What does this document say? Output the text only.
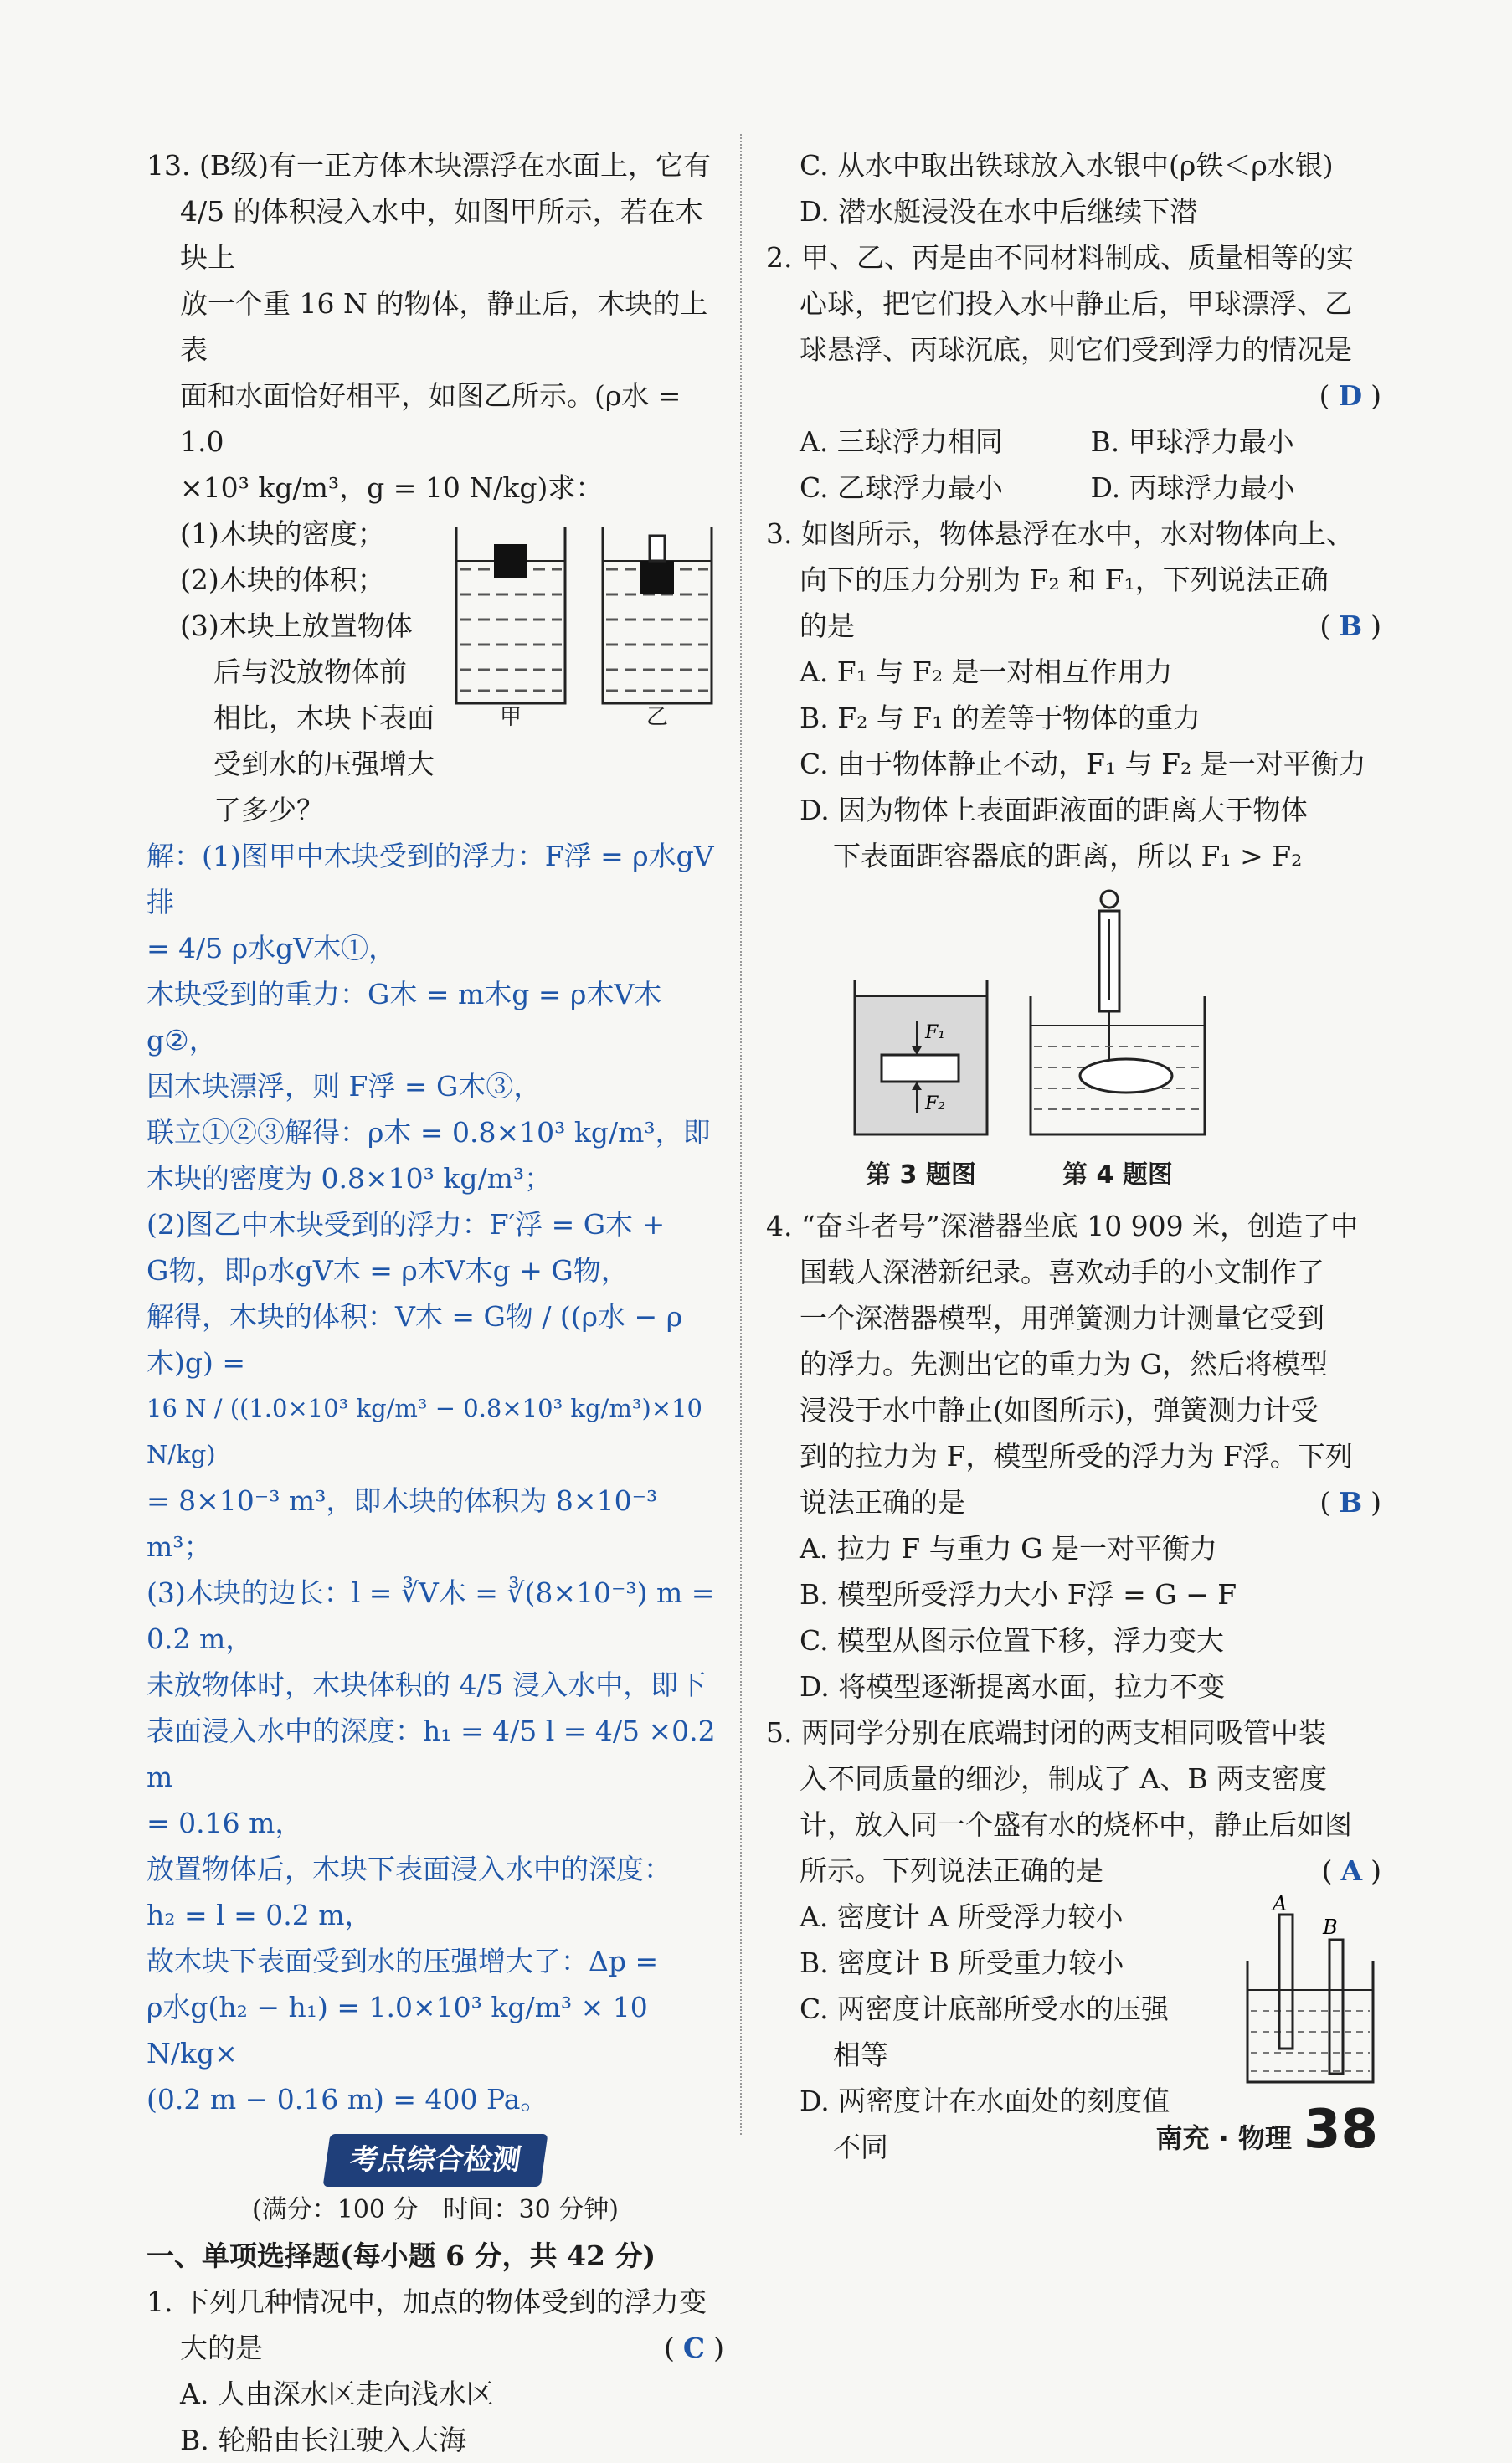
13. (B级)有一正方体木块漂浮在水面上，它有

4/5 的体积浸入水中，如图甲所示，若在木块上

放一个重 16 N 的物体，静止后，木块的上表

面和水面恰好相平，如图乙所示。(ρ水 = 1.0

×10³ kg/m³，g = 10 N/kg)求：

(1)木块的密度；

(2)木块的体积；

(3)木块上放置物体

后与没放物体前

相比，木块下表面

受到水的压强增大了多少？

甲	乙

解：(1)图甲中木块受到的浮力：F浮 = ρ水gV排

= 4/5 ρ水gV木①，

木块受到的重力：G木 = m木g = ρ木V木g②，

因木块漂浮，则 F浮 = G木③，

联立①②③解得：ρ木 = 0.8×10³ kg/m³，即

木块的密度为 0.8×10³ kg/m³；

(2)图乙中木块受到的浮力：F′浮 = G木 +

G物，即ρ水gV木 = ρ木V木g + G物，

解得，木块的体积：V木 = G物 / ((ρ水 − ρ木)g) =

16 N / ((1.0×10³ kg/m³ − 0.8×10³ kg/m³)×10 N/kg)

= 8×10⁻³ m³，即木块的体积为 8×10⁻³ m³；

(3)木块的边长：l = ∛V木 = ∛(8×10⁻³) m =

0.2 m，

未放物体时，木块体积的 4/5 浸入水中，即下

表面浸入水中的深度：h₁ = 4/5 l = 4/5 ×0.2 m

= 0.16 m，

放置物体后，木块下表面浸入水中的深度：

h₂ = l = 0.2 m，

故木块下表面受到水的压强增大了：Δp =

ρ水g(h₂ − h₁) = 1.0×10³ kg/m³ × 10 N/kg×

(0.2 m − 0.16 m) = 400 Pa。

考点综合检测

(满分：100 分　时间：30 分钟)

一、单项选择题(每小题 6 分，共 42 分)

1. 下列几种情况中，加点的物体受到的浮力变

大的是	( C )

A. 人由深水区走向浅水区

B. 轮船由长江驶入大海

C. 从水中取出铁球放入水银中(ρ铁＜ρ水银)

D. 潜水艇浸没在水中后继续下潜

2. 甲、乙、丙是由不同材料制成、质量相等的实

心球，把它们投入水中静止后，甲球漂浮、乙

球悬浮、丙球沉底，则它们受到浮力的情况是

( D )

A. 三球浮力相同	B. 甲球浮力最小
C. 乙球浮力最小	D. 丙球浮力最小

3. 如图所示，物体悬浮在水中，水对物体向上、

向下的压力分别为 F₂ 和 F₁，下列说法正确

的是	( B )

A. F₁ 与 F₂ 是一对相互作用力

B. F₂ 与 F₁ 的差等于物体的重力

C. 由于物体静止不动，F₁ 与 F₂ 是一对平衡力

D. 因为物体上表面距液面的距离大于物体

下表面距容器底的距离，所以 F₁ > F₂

F₁
F₂
第 3 题图	第 4 题图

4. “奋斗者号”深潜器坐底 10 909 米，创造了中

国载人深潜新纪录。喜欢动手的小文制作了

一个深潜器模型，用弹簧测力计测量它受到

的浮力。先测出它的重力为 G，然后将模型

浸没于水中静止(如图所示)，弹簧测力计受

到的拉力为 F，模型所受的浮力为 F浮。下列

说法正确的是	( B )

A. 拉力 F 与重力 G 是一对平衡力

B. 模型所受浮力大小 F浮 = G − F

C. 模型从图示位置下移，浮力变大

D. 将模型逐渐提离水面，拉力不变

5. 两同学分别在底端封闭的两支相同吸管中装

入不同质量的细沙，制成了 A、B 两支密度

计，放入同一个盛有水的烧杯中，静止后如图

所示。下列说法正确的是	( A )

A. 密度计 A 所受浮力较小

B. 密度计 B 所受重力较小

C. 两密度计底部所受水的压强

相等

D. 两密度计在水面处的刻度值

不同

A
B
南充 · 物理 38
